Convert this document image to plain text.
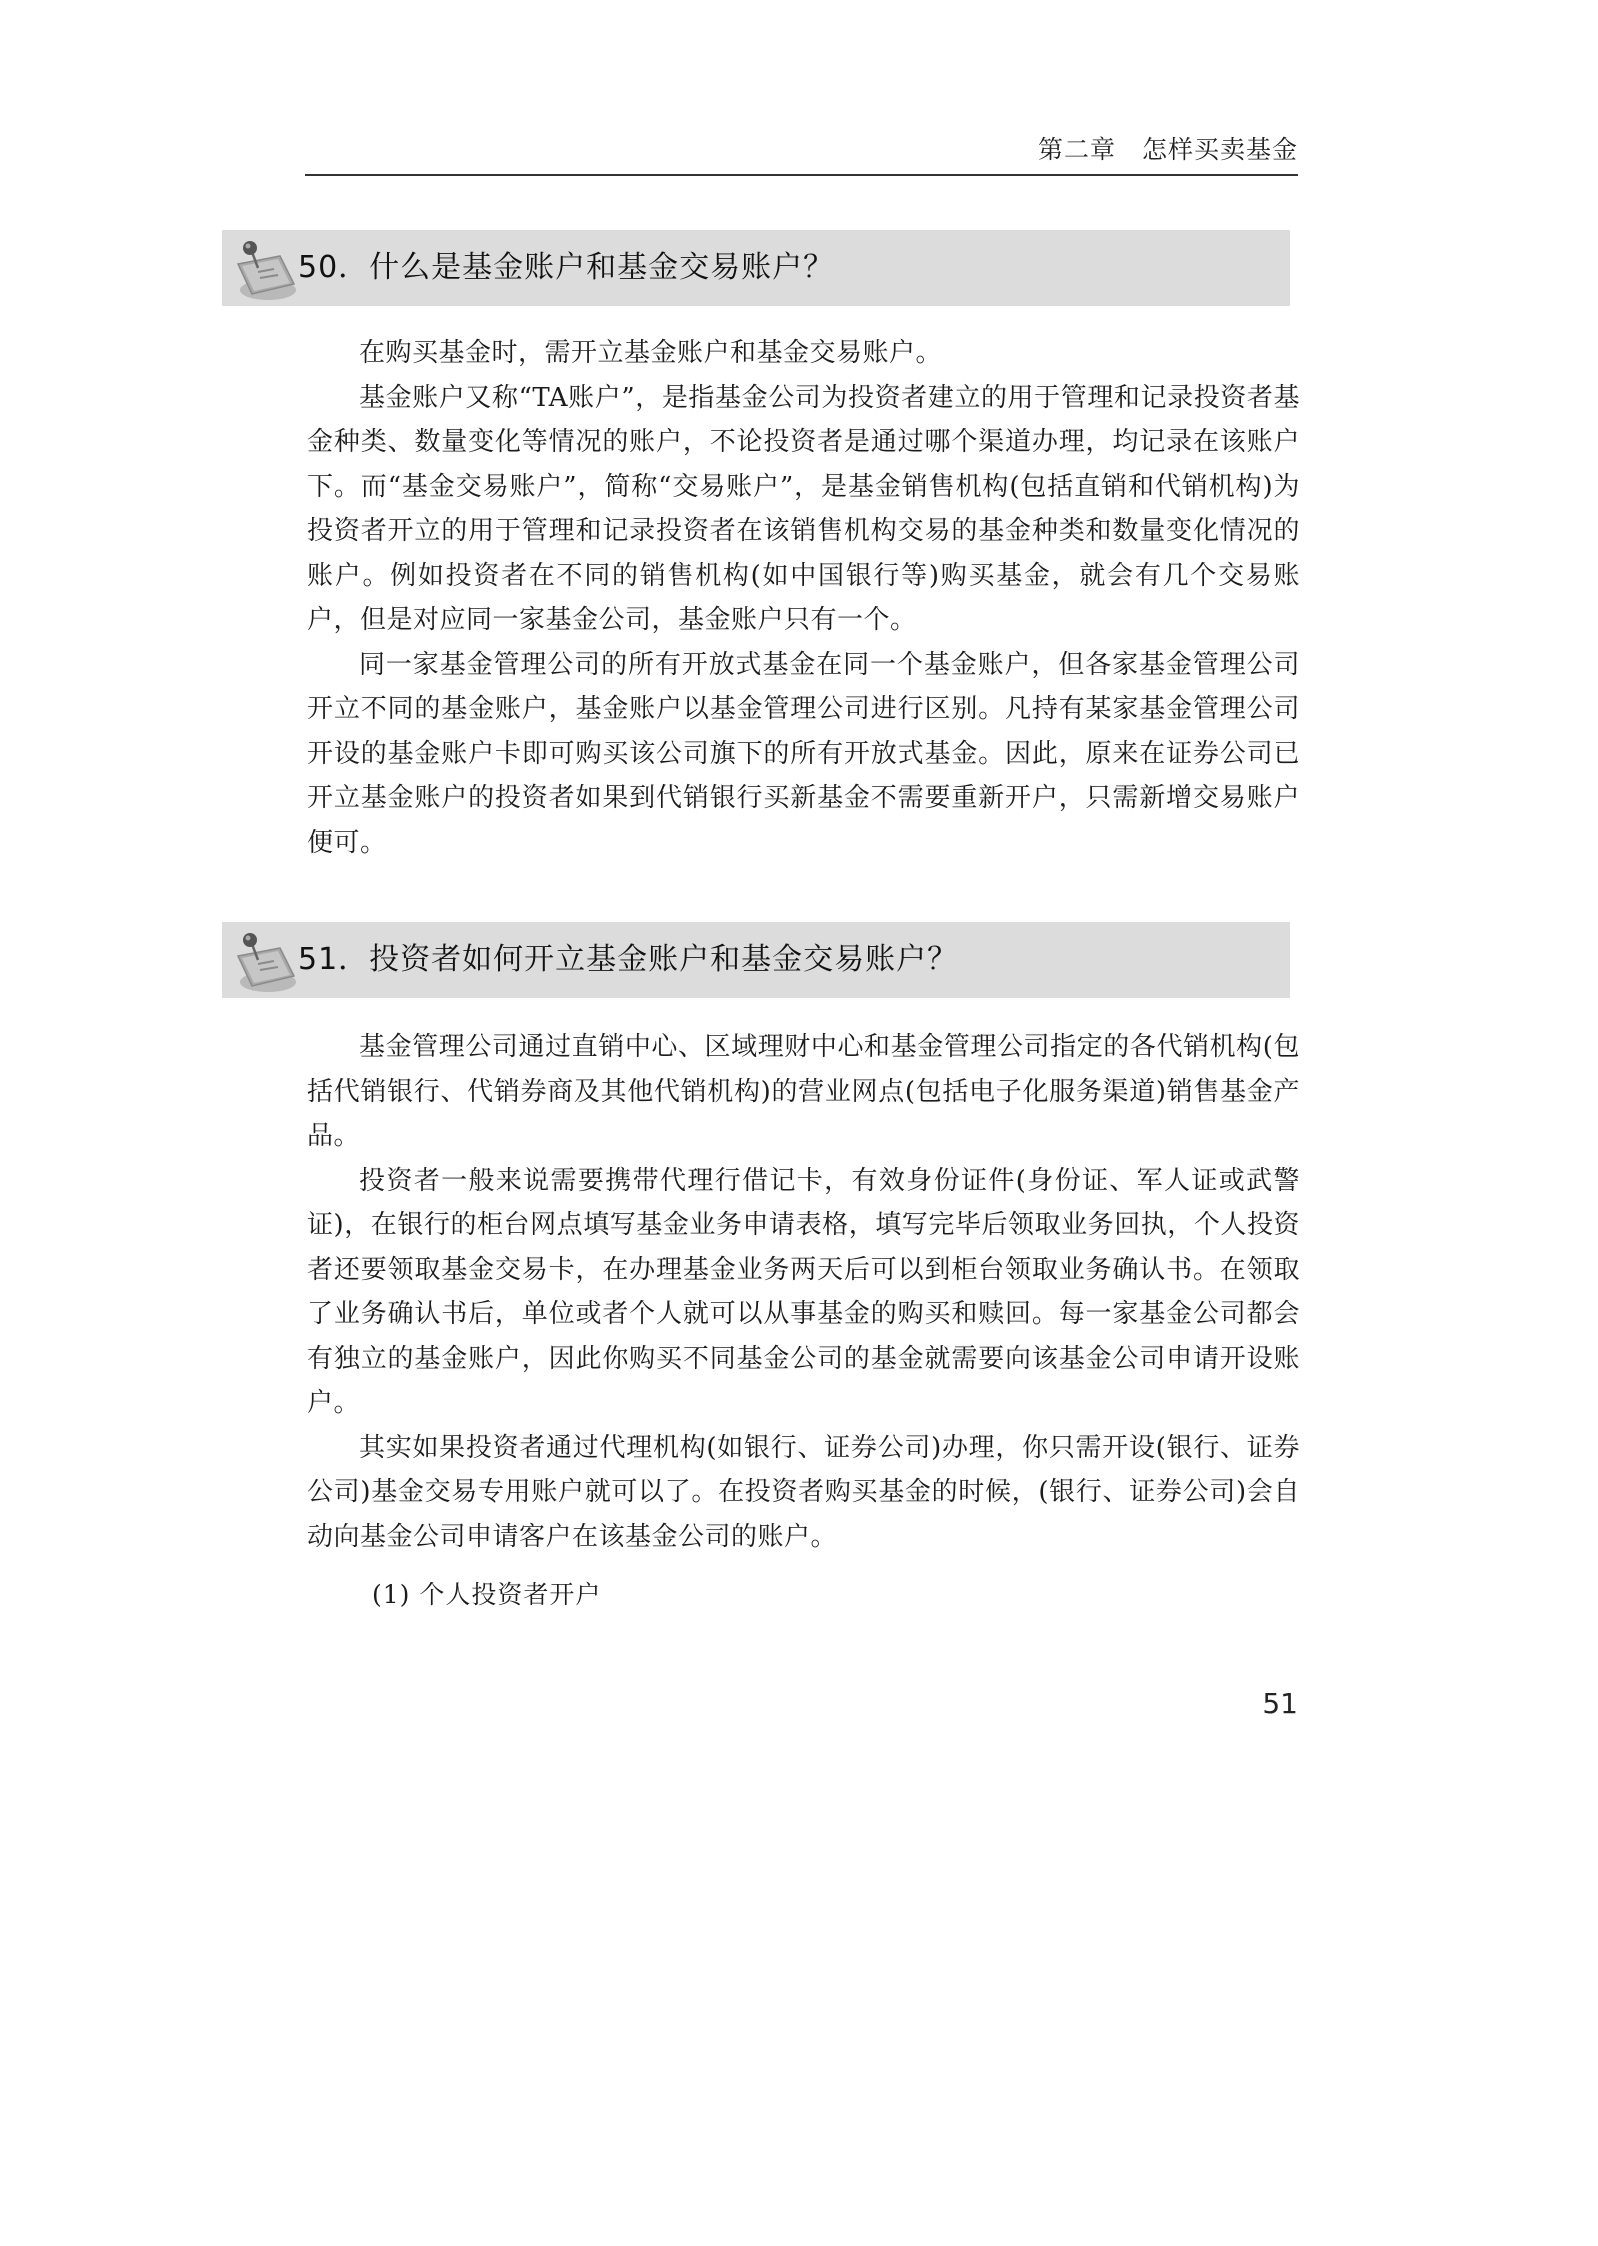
第二章　怎样买卖基金
50．什么是基金账户和基金交易账户？

在购买基金时，需开立基金账户和基金交易账户。

基金账户又称“TA账户”，是指基金公司为投资者建立的用于管理和记录投资者基金种类、数量变化等情况的账户，不论投资者是通过哪个渠道办理，均记录在该账户下。而“基金交易账户”，简称“交易账户”，是基金销售机构(包括直销和代销机构)为投资者开立的用于管理和记录投资者在该销售机构交易的基金种类和数量变化情况的账户。例如投资者在不同的销售机构(如中国银行等)购买基金，就会有几个交易账户，但是对应同一家基金公司，基金账户只有一个。

同一家基金管理公司的所有开放式基金在同一个基金账户，但各家基金管理公司开立不同的基金账户，基金账户以基金管理公司进行区别。凡持有某家基金管理公司开设的基金账户卡即可购买该公司旗下的所有开放式基金。因此，原来在证券公司已开立基金账户的投资者如果到代销银行买新基金不需要重新开户，只需新增交易账户便可。

51．投资者如何开立基金账户和基金交易账户？

基金管理公司通过直销中心、区域理财中心和基金管理公司指定的各代销机构(包括代销银行、代销券商及其他代销机构)的营业网点(包括电子化服务渠道)销售基金产品。

投资者一般来说需要携带代理行借记卡，有效身份证件(身份证、军人证或武警证)，在银行的柜台网点填写基金业务申请表格，填写完毕后领取业务回执，个人投资者还要领取基金交易卡，在办理基金业务两天后可以到柜台领取业务确认书。在领取了业务确认书后，单位或者个人就可以从事基金的购买和赎回。每一家基金公司都会有独立的基金账户，因此你购买不同基金公司的基金就需要向该基金公司申请开设账户。

其实如果投资者通过代理机构(如银行、证券公司)办理，你只需开设(银行、证券公司)基金交易专用账户就可以了。在投资者购买基金的时候，(银行、证券公司)会自动向基金公司申请客户在该基金公司的账户。

(1) 个人投资者开户
51
